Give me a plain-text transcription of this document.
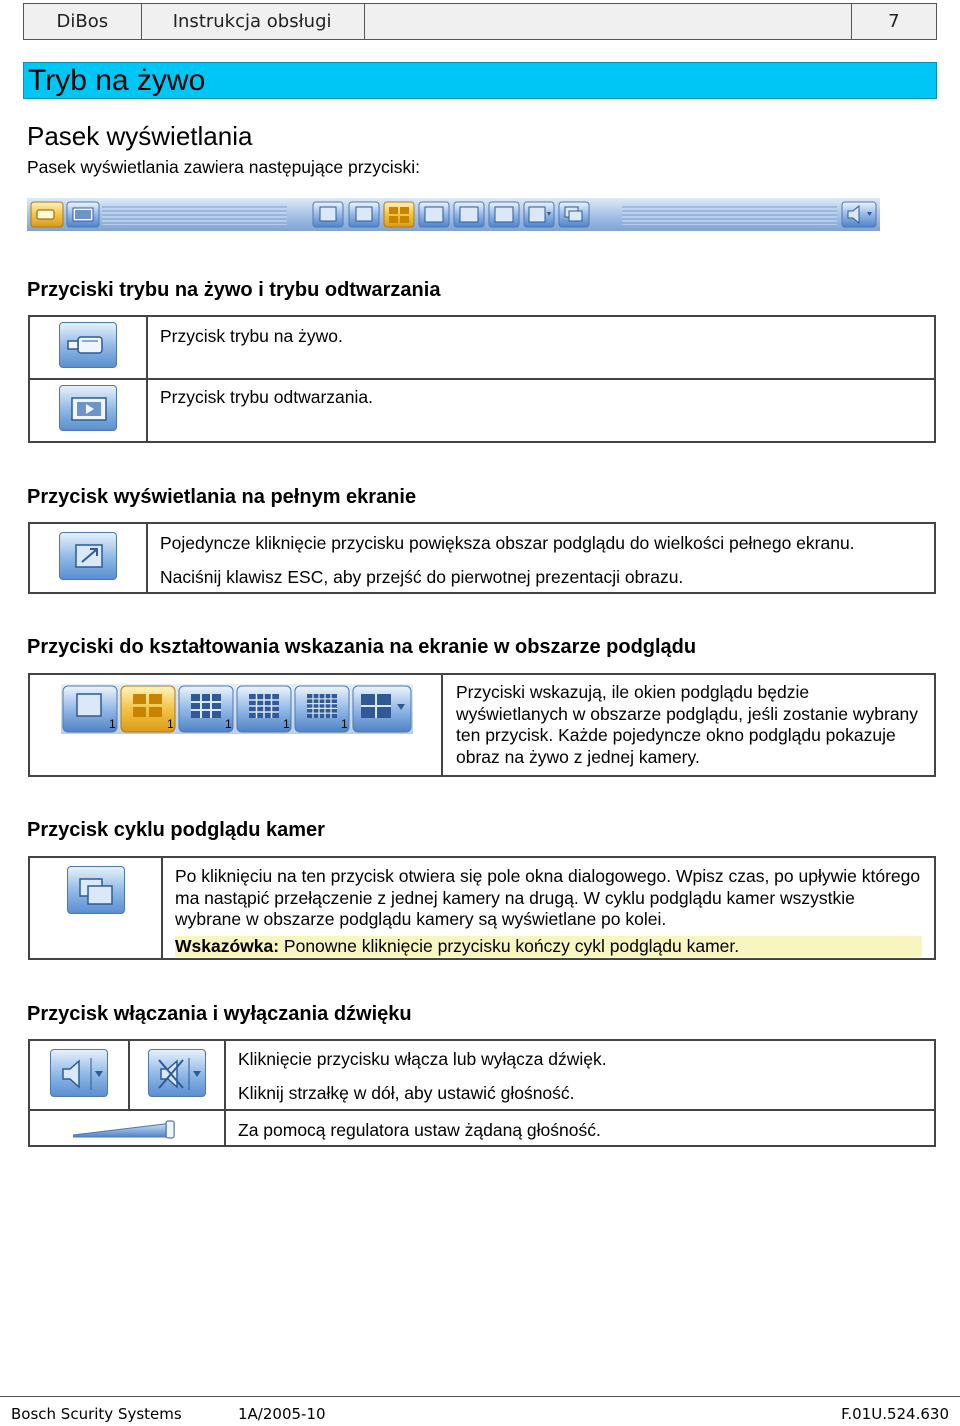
DiBos	Instrukcja obsługi	7
Tryb na żywo
Pasek wyświetlania
Pasek wyświetlania zawiera następujące przyciski:
Przyciski trybu na żywo i trybu odtwarzania
	Przycisk trybu na żywo.

	Przycisk trybu odtwarzania.
Przycisk wyświetlania na pełnym ekranie

Pojedyncze kliknięcie przycisku powiększa obszar podglądu do wielkości pełnego ekranu.
Naciśnij klawisz ESC, aby przejść do pierwotnej prezentacji obrazu.
Przyciski do kształtowania wskazania na ekranie w obszarze podglądu
1	1	1	1	1
	Przyciski wskazują, ile okien podglądu będzie wyświetlanych w obszarze podglądu, jeśli zostanie wybrany ten przycisk. Każde pojedyncze okno podglądu pokazuje obraz na żywo z jednej kamery.
Przycisk cyklu podglądu kamer

Po kliknięciu na ten przycisk otwiera się pole okna dialogowego. Wpisz czas, po upływie którego ma nastąpić przełączenie z jednej kamery na drugą. W cyklu podglądu kamer wszystkie wybrane w obszarze podglądu kamery są wyświetlane po kolei.
Wskazówka: Ponowne kliknięcie przycisku kończy cykl podglądu kamer.
Przycisk włączania i wyłączania dźwięku

Kliknięcie przycisku włącza lub wyłącza dźwięk.
Kliknij strzałkę w dół, aby ustawić głośność.

	Za pomocą regulatora ustaw żądaną głośność.
Bosch Scurity Systems	1A/2005-10	F.01U.524.630
